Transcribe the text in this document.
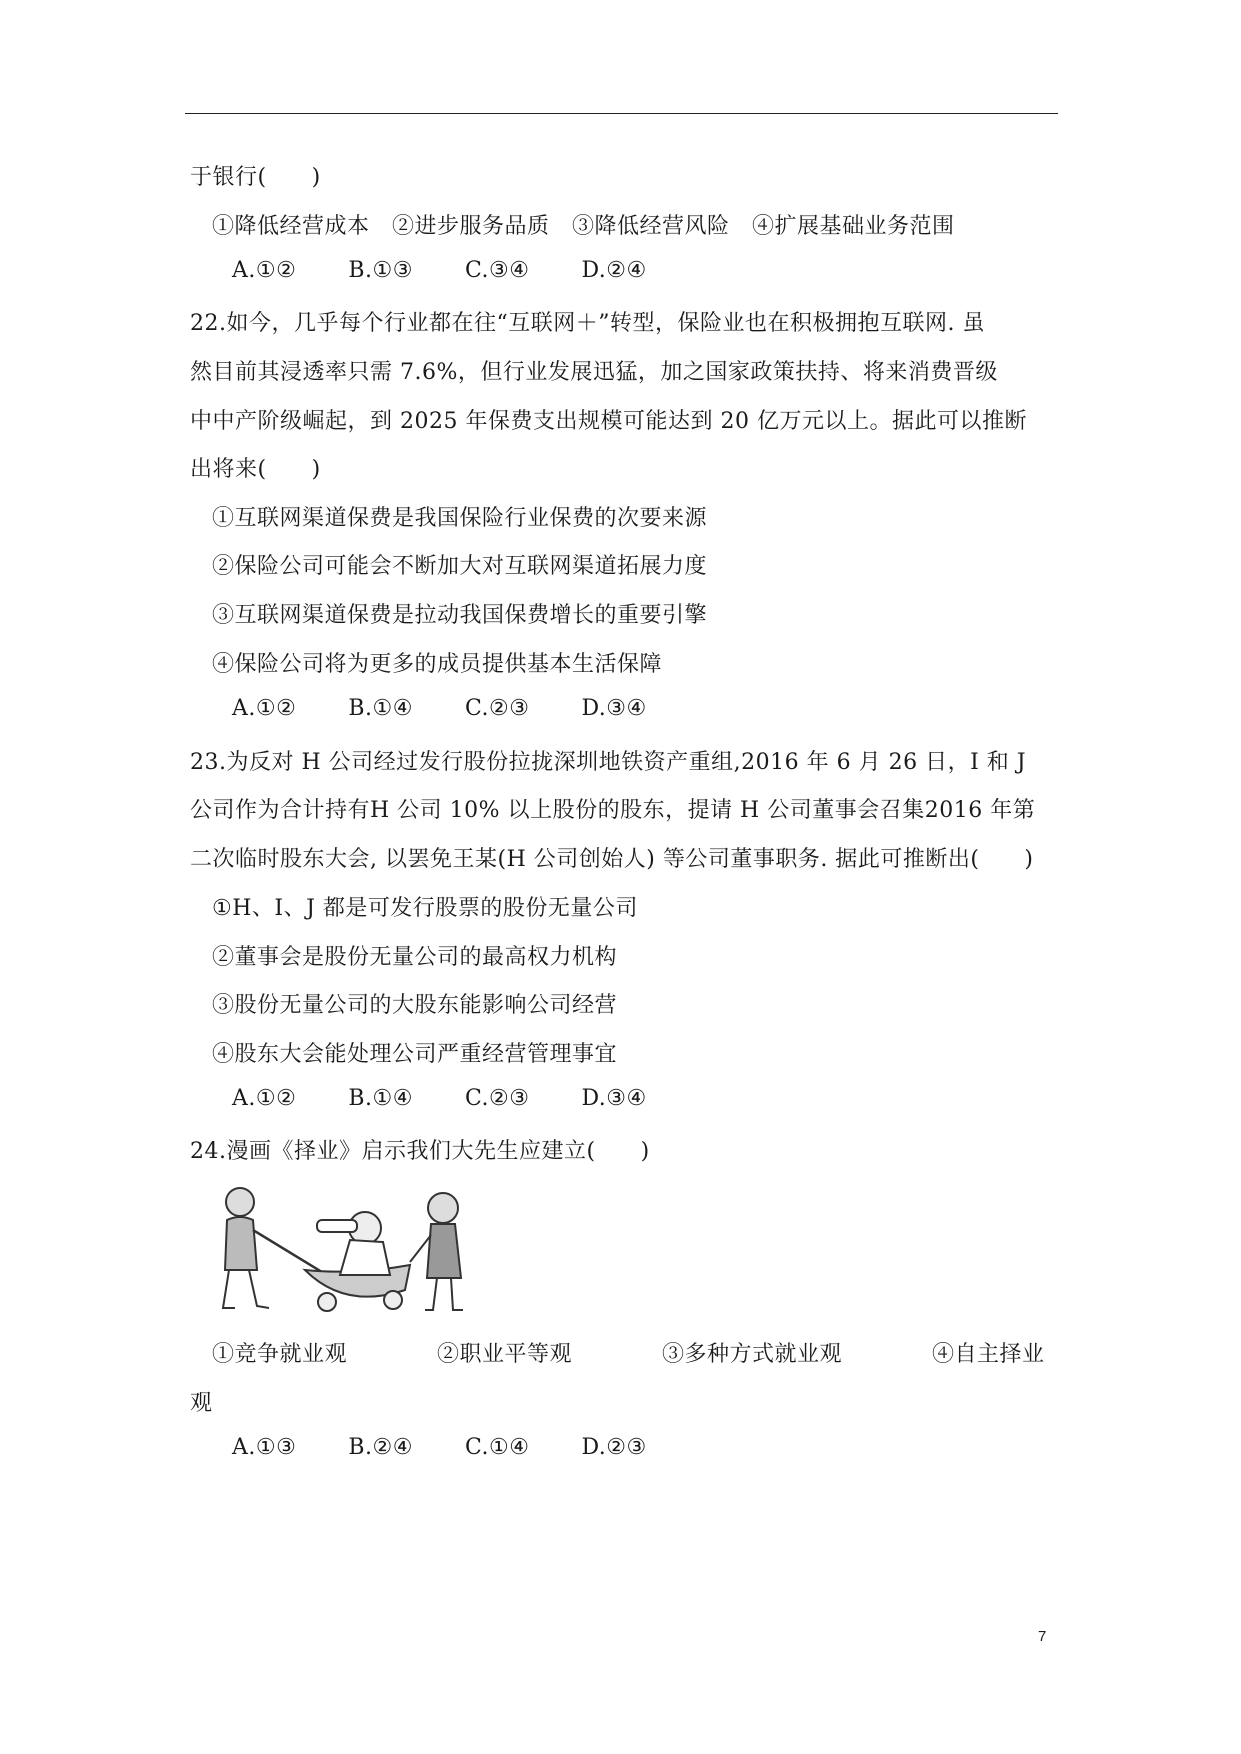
于银行(　　)
①降低经营成本　②进步服务品质　③降低经营风险　④扩展基础业务范围
A.①② B.①③ C.③④ D.②④
22.如今，几乎每个行业都在往“互联网＋”转型，保险业也在积极拥抱互联网. 虽
然目前其浸透率只需 7.6%，但行业发展迅猛，加之国家政策扶持、将来消费晋级
中中产阶级崛起，到 2025 年保费支出规模可能达到 20 亿万元以上。据此可以推断
出将来(　　)
①互联网渠道保费是我国保险行业保费的次要来源
②保险公司可能会不断加大对互联网渠道拓展力度
③互联网渠道保费是拉动我国保费增长的重要引擎
④保险公司将为更多的成员提供基本生活保障
A.①② B.①④ C.②③ D.③④
23.为反对 H 公司经过发行股份拉拢深圳地铁资产重组,2016 年 6 月 26 日，I 和 J
公司作为合计持有H 公司 10% 以上股份的股东，提请 H 公司董事会召集2016 年第
二次临时股东大会, 以罢免王某(H 公司创始人) 等公司董事职务. 据此可推断出(　　)
①H、I、J 都是可发行股票的股份无量公司
②董事会是股份无量公司的最高权力机构
③股份无量公司的大股东能影响公司经营
④股东大会能处理公司严重经营管理事宜
A.①② B.①④ C.②③ D.③④
24.漫画《择业》启示我们大先生应建立(　　)
①竞争就业观　　　　②职业平等观　　　　③多种方式就业观　　　　④自主择业
观
A.①③ B.②④ C.①④ D.②③
7
